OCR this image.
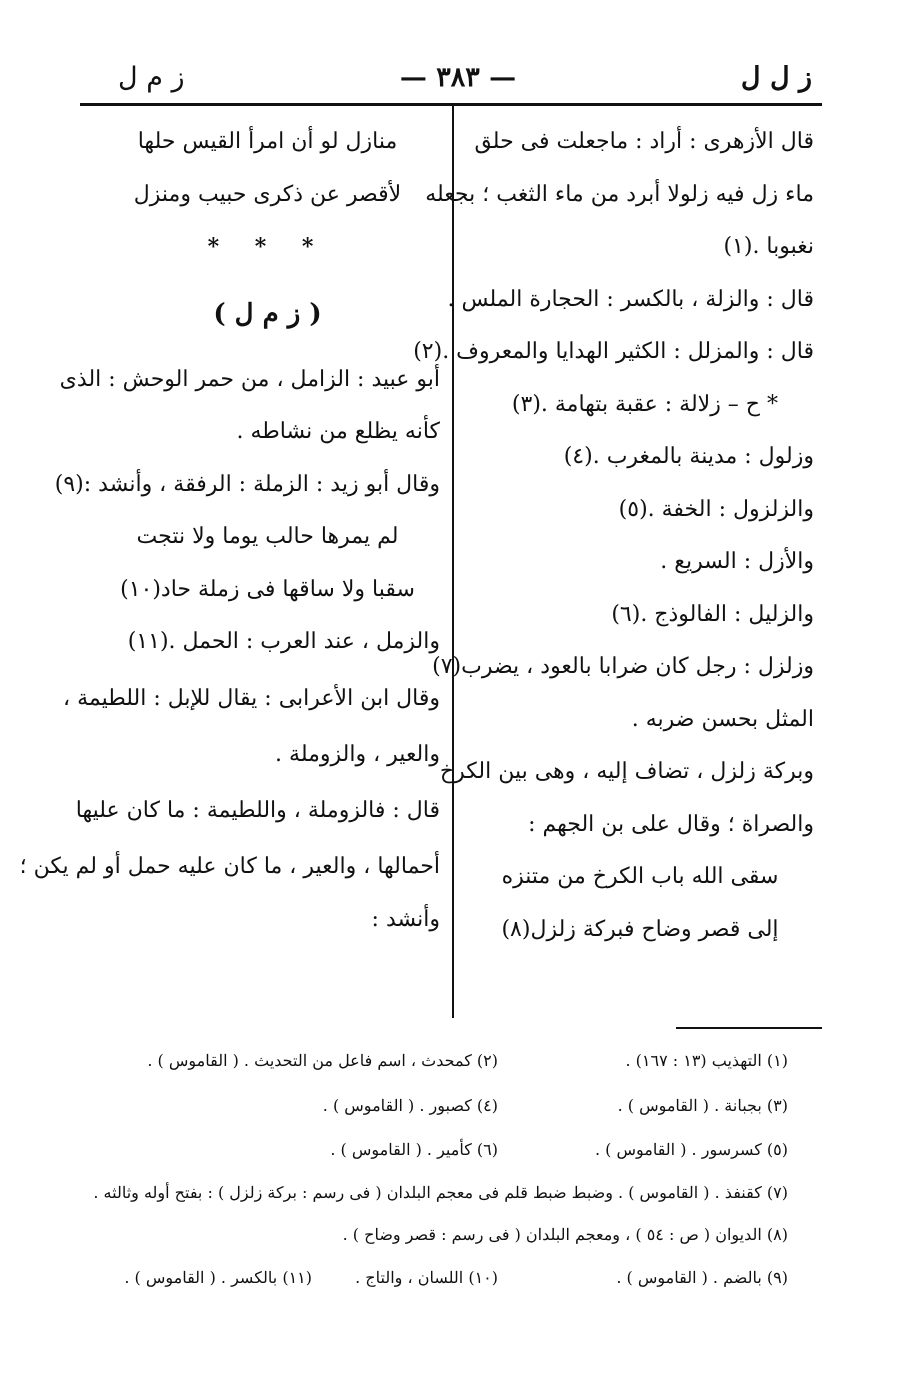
ز ل ل
— ٣٨٣ —
ز م ل
قال الأزهرى : أراد : ماجعلت فى حلق
ماء زل فيه زلولا أبرد من ماء الثغب ؛ بجعله
نغبوبا .(١)
قال : والزلة ، بالكسر : الحجارة الملس .
قال : والمزلل : الكثير الهدايا والمعروف .(٢)
* ح – زلالة : عقبة بتهامة .(٣)
وزلول : مدينة بالمغرب .(٤)
والزلزول : الخفة .(٥)
والأزل : السريع .
والزليل : الفالوذج .(٦)
وزلزل : رجل كان ضرابا بالعود ، يضرب(٧)
المثل بحسن ضربه .
وبركة زلزل ، تضاف إليه ، وهى بين الكرخ
والصراة ؛ وقال على بن الجهم :
سقى الله باب الكرخ من متنزه
إلى قصر وضاح فبركة زلزل(٨)
منازل لو أن امرأ القيس حلها
لأقصر عن ذكرى حبيب ومنزل
* * *
( ز م ل )
أبو عبيد : الزامل ، من حمر الوحش : الذى
كأنه يظلع من نشاطه .
وقال أبو زيد : الزملة : الرفقة ، وأنشد :(٩)
لم يمرها حالب يوما ولا نتجت
سقبا ولا ساقها فى زملة حاد(١٠)
والزمل ، عند العرب : الحمل .(١١)
وقال ابن الأعرابى : يقال للإبل : اللطيمة ،
والعير ، والزوملة .
قال : فالزوملة ، واللطيمة : ما كان عليها
أحمالها ، والعير ، ما كان عليه حمل أو لم يكن ؛
وأنشد :
(١) التهذيب (١٣ : ١٦٧) .
(٢) كمحدث ، اسم فاعل من التحديث . ( القاموس ) .
(٣) بجبانة . ( القاموس ) .
(٤) كصبور . ( القاموس ) .
(٥) كسرسور . ( القاموس ) .
(٦) كأمير . ( القاموس ) .
(٧) كقنفذ . ( القاموس ) . وضبط ضبط قلم فى معجم البلدان ( فى رسم : بركة زلزل ) : بفتح أوله وثالثه .
(٨) الديوان ( ص : ٥٤ ) ، ومعجم البلدان ( فى رسم : قصر وضاح ) .
(٩) بالضم . ( القاموس ) .
(١٠) اللسان ، والتاج .
(١١) بالكسر . ( القاموس ) .
